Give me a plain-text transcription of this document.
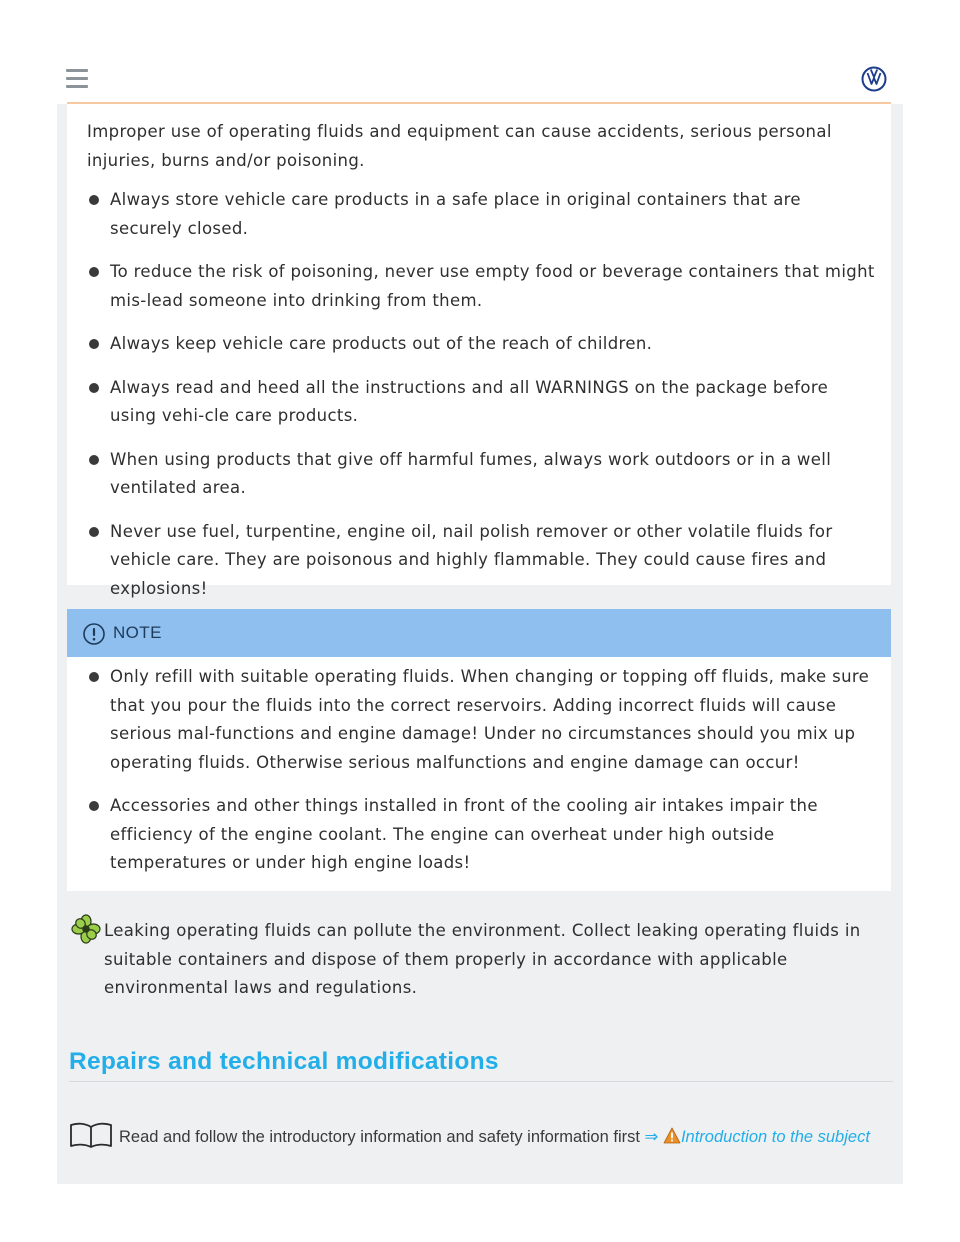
Improper use of operating fluids and equipment can cause accidents, serious personal injuries, burns and/or poisoning.

Always store vehicle care products in a safe place in original containers that are securely closed.
To reduce the risk of poisoning, never use empty food or beverage containers that might mis-lead someone into drinking from them.
Always keep vehicle care products out of the reach of children.
Always read and heed all the instructions and all WARNINGS on the package before using vehi-cle care products.
When using products that give off harmful fumes, always work outdoors or in a well ventilated area.
Never use fuel, turpentine, engine oil, nail polish remover or other volatile fluids for vehicle care. They are poisonous and highly flammable. They could cause fires and explosions!
NOTE
Only refill with suitable operating fluids. When changing or topping off fluids, make sure that you pour the fluids into the correct reservoirs. Adding incorrect fluids will cause serious mal-functions and engine damage! Under no circumstances should you mix up operating fluids. Otherwise serious malfunctions and engine damage can occur!
Accessories and other things installed in front of the cooling air intakes impair the efficiency of the engine coolant. The engine can overheat under high outside temperatures or under high engine loads!

Leaking operating fluids can pollute the environment. Collect leaking operating fluids in suitable containers and dispose of them properly in accordance with applicable environmental laws and regulations.

Repairs and technical modifications

Read and follow the introductory information and safety information first ⇒ Introduction to the subject
